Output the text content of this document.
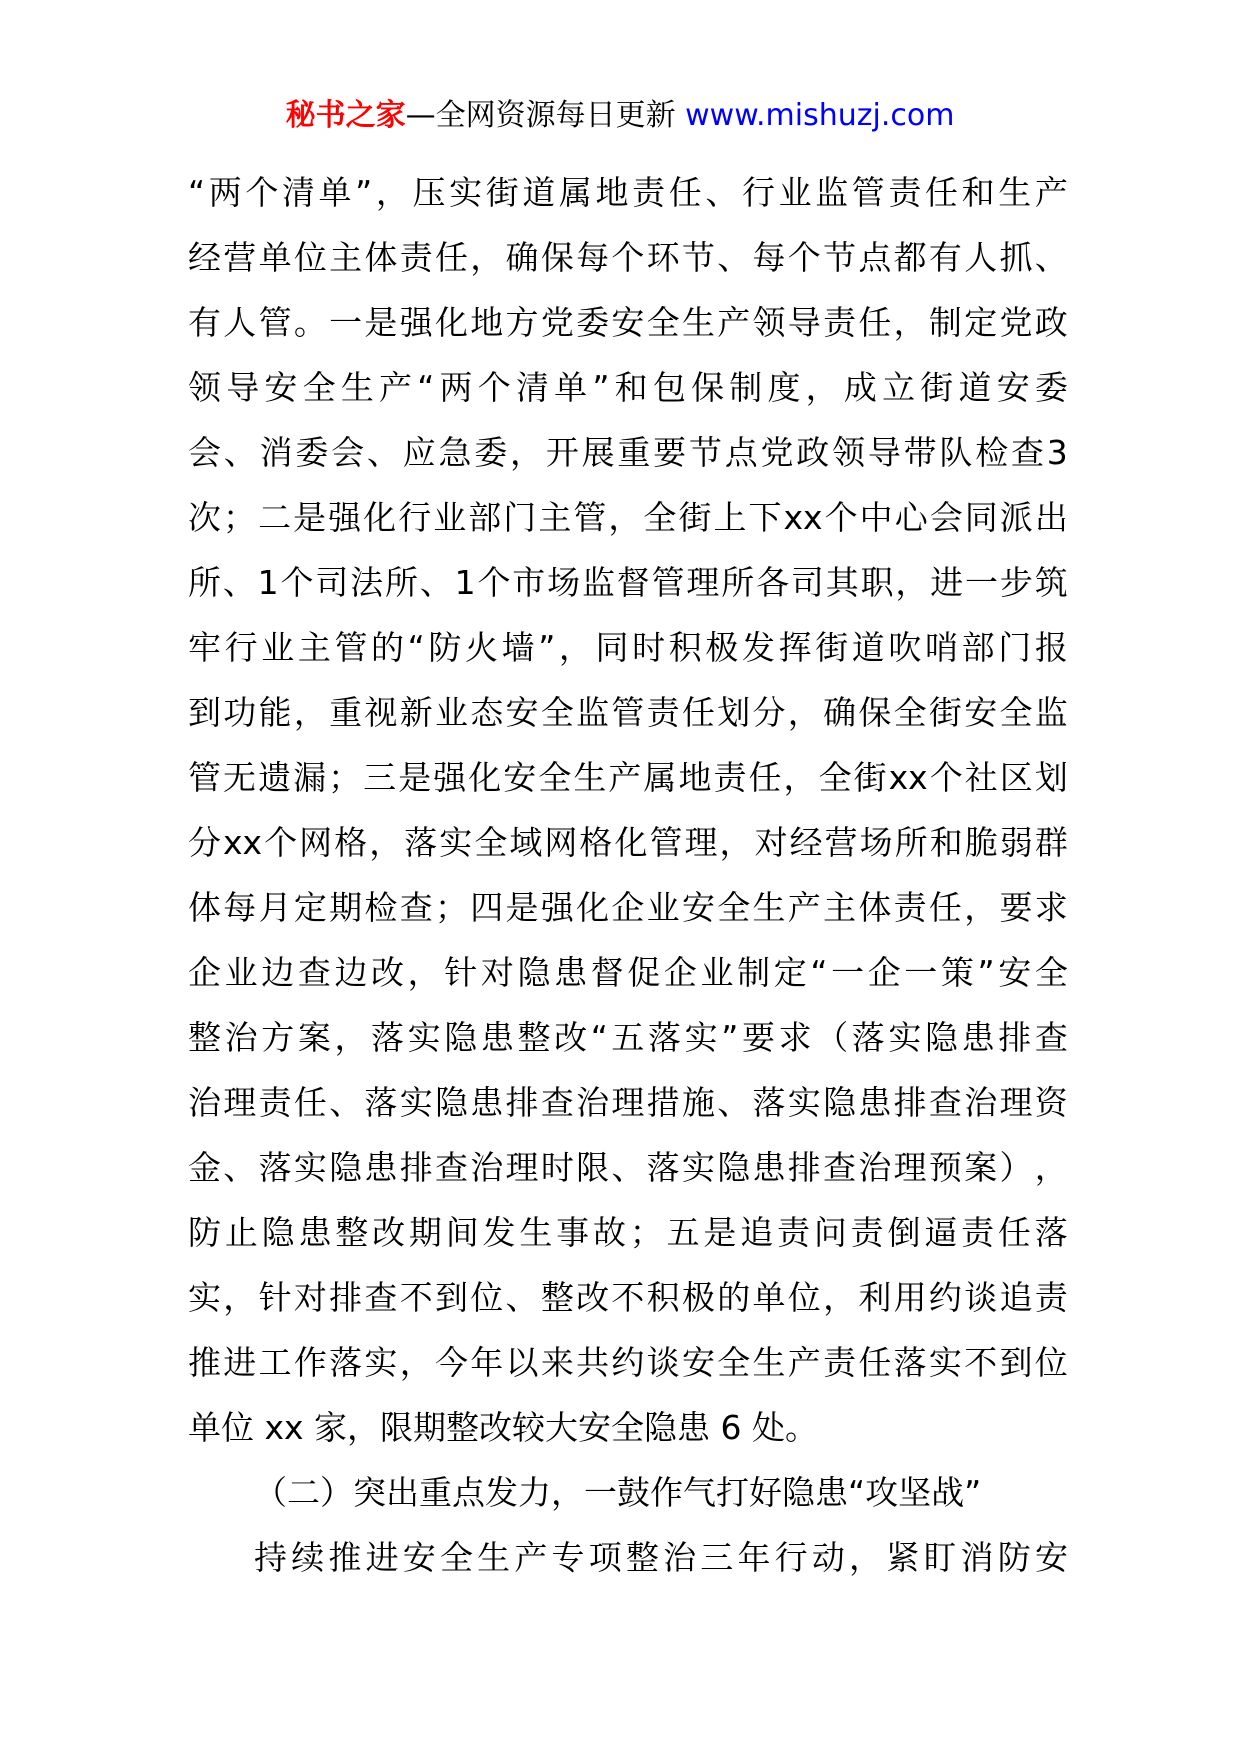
秘书之家—全网资源每日更新 www.mishuzj.com
“ 两 个 清 单 ” ， 压 实 街 道 属 地 责 任 、 行 业 监 管 责 任 和 生 产
经 营 单 位 主 体 责 任 ， 确 保 每 个 环 节 、 每 个 节 点 都 有 人 抓 、
有 人 管 。 一 是 强 化 地 方 党 委 安 全 生 产 领 导 责 任 ， 制 定 党 政
领 导 安 全 生 产 “ 两 个 清 单 ” 和 包 保 制 度 ， 成 立 街 道 安 委
会 、 消 委 会 、 应 急 委 ， 开 展 重 要 节 点 党 政 领 导 带 队 检 查 3
次 ； 二 是 强 化 行 业 部 门 主 管 ， 全 街 上 下 xx 个 中 心 会 同 派 出
所 、 1 个 司 法 所 、 1 个 市 场 监 督 管 理 所 各 司 其 职 ， 进 一 步 筑
牢 行 业 主 管 的 “ 防 火 墙 ” ， 同 时 积 极 发 挥 街 道 吹 哨 部 门 报
到 功 能 ， 重 视 新 业 态 安 全 监 管 责 任 划 分 ， 确 保 全 街 安 全 监
管 无 遗 漏 ； 三 是 强 化 安 全 生 产 属 地 责 任 ， 全 街 xx 个 社 区 划
分 xx 个 网 格 ， 落 实 全 域 网 格 化 管 理 ， 对 经 营 场 所 和 脆 弱 群
体 每 月 定 期 检 查 ； 四 是 强 化 企 业 安 全 生 产 主 体 责 任 ， 要 求
企 业 边 查 边 改 ， 针 对 隐 患 督 促 企 业 制 定 “ 一 企 一 策 ” 安 全
整 治 方 案 ， 落 实 隐 患 整 改 “ 五 落 实 ” 要 求 （ 落 实 隐 患 排 查
治 理 责 任 、 落 实 隐 患 排 查 治 理 措 施 、 落 实 隐 患 排 查 治 理 资
金 、 落 实 隐 患 排 查 治 理 时 限 、 落 实 隐 患 排 查 治 理 预 案 ） ，
防 止 隐 患 整 改 期 间 发 生 事 故 ； 五 是 追 责 问 责 倒 逼 责 任 落
实 ， 针 对 排 查 不 到 位 、 整 改 不 积 极 的 单 位 ， 利 用 约 谈 追 责
推 进 工 作 落 实 ， 今 年 以 来 共 约 谈 安 全 生 产 责 任 落 实 不 到 位
单位 xx 家，限期整改较大安全隐患 6 处。
（二）突出重点发力，一鼓作气打好隐患“攻坚战”
持 续 推 进 安 全 生 产 专 项 整 治 三 年 行 动 ， 紧 盯 消 防 安
